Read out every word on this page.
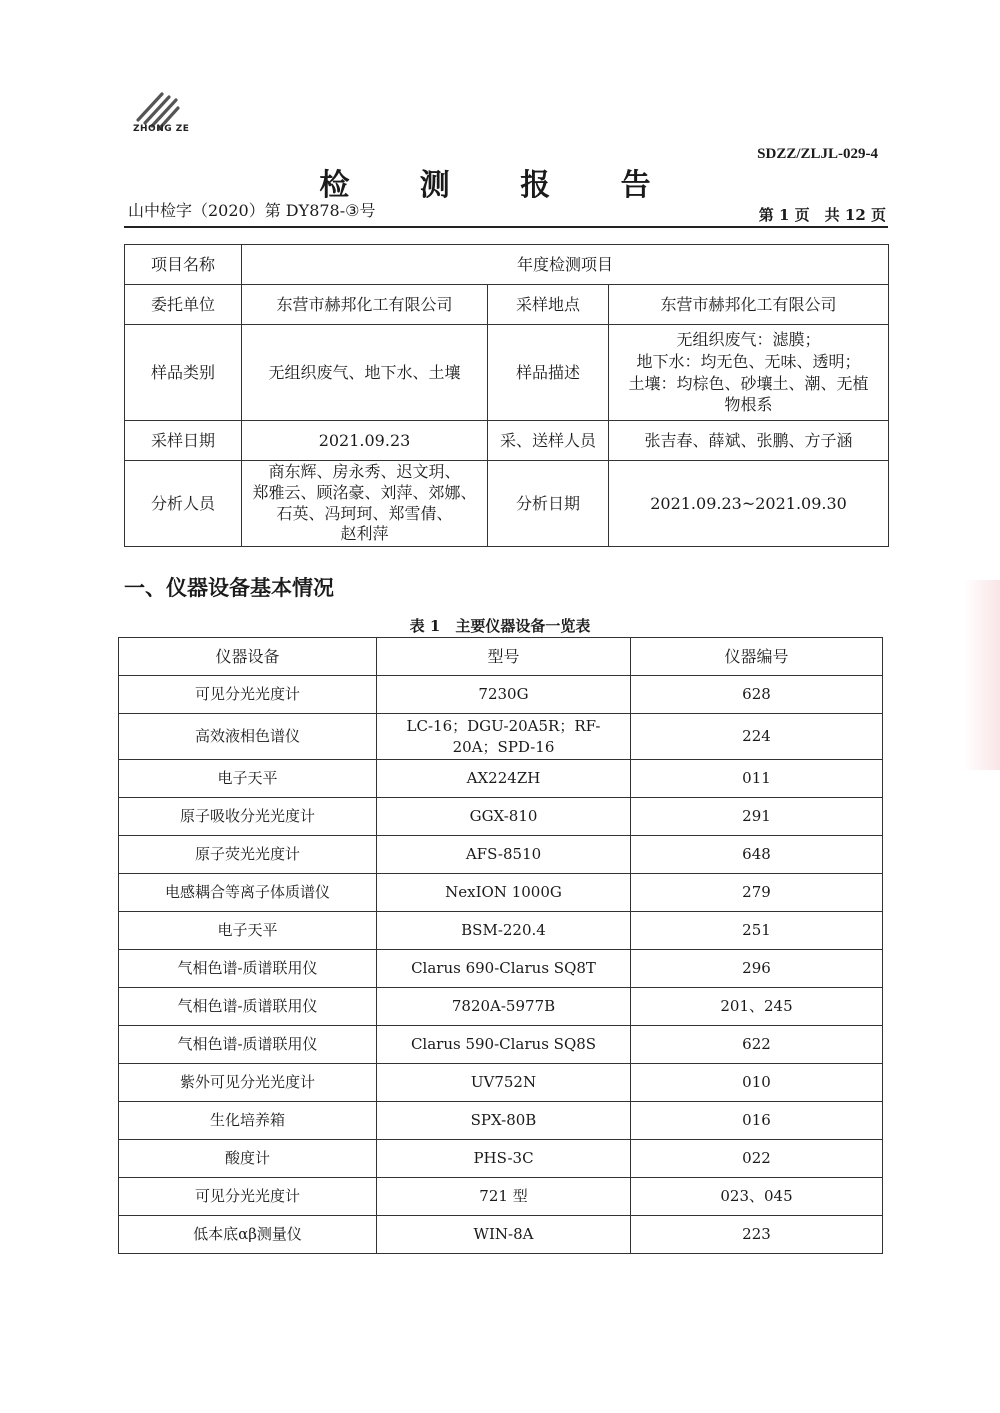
ZHONG ZE
SDZZ/ZLJL-029-4
检 测 报 告
山中检字（2020）第 DY878-③号	第 1 页　共 12 页
项目名称	年度检测项目		
委托单位	东营市赫邦化工有限公司	采样地点	东营市赫邦化工有限公司
样品类别	无组织废气、地下水、土壤	样品描述	无组织废气：滤膜；
地下水：均无色、无味、透明；
土壤：均棕色、砂壤土、潮、无植
物根系

采样日期	2021.09.23	采、送样人员	张吉春、薛斌、张鹏、方子涵
分析人员	商东辉、房永秀、迟文玥、
郑雅云、顾洺豪、刘萍、郊娜、
石英、冯珂珂、郑雪倩、
赵利萍	分析日期	2021.09.23~2021.09.30
一、仪器设备基本情况
表 1　主要仪器设备一览表
仪器设备	型号	仪器编号
可见分光光度计	7230G	628
高效液相色谱仪	LC-16；DGU-20A5R；RF-20A；SPD-16	224
电子天平	AX224ZH	011
原子吸收分光光度计	GGX-810	291
原子荧光光度计	AFS-8510	648
电感耦合等离子体质谱仪	NexION 1000G	279
电子天平	BSM-220.4	251
气相色谱-质谱联用仪	Clarus 690-Clarus SQ8T	296
气相色谱-质谱联用仪	7820A-5977B	201、245
气相色谱-质谱联用仪	Clarus 590-Clarus SQ8S	622
紫外可见分光光度计	UV752N	010
生化培养箱	SPX-80B	016
酸度计	PHS-3C	022
可见分光光度计	721 型	023、045
低本底αβ测量仪	WIN-8A	223
